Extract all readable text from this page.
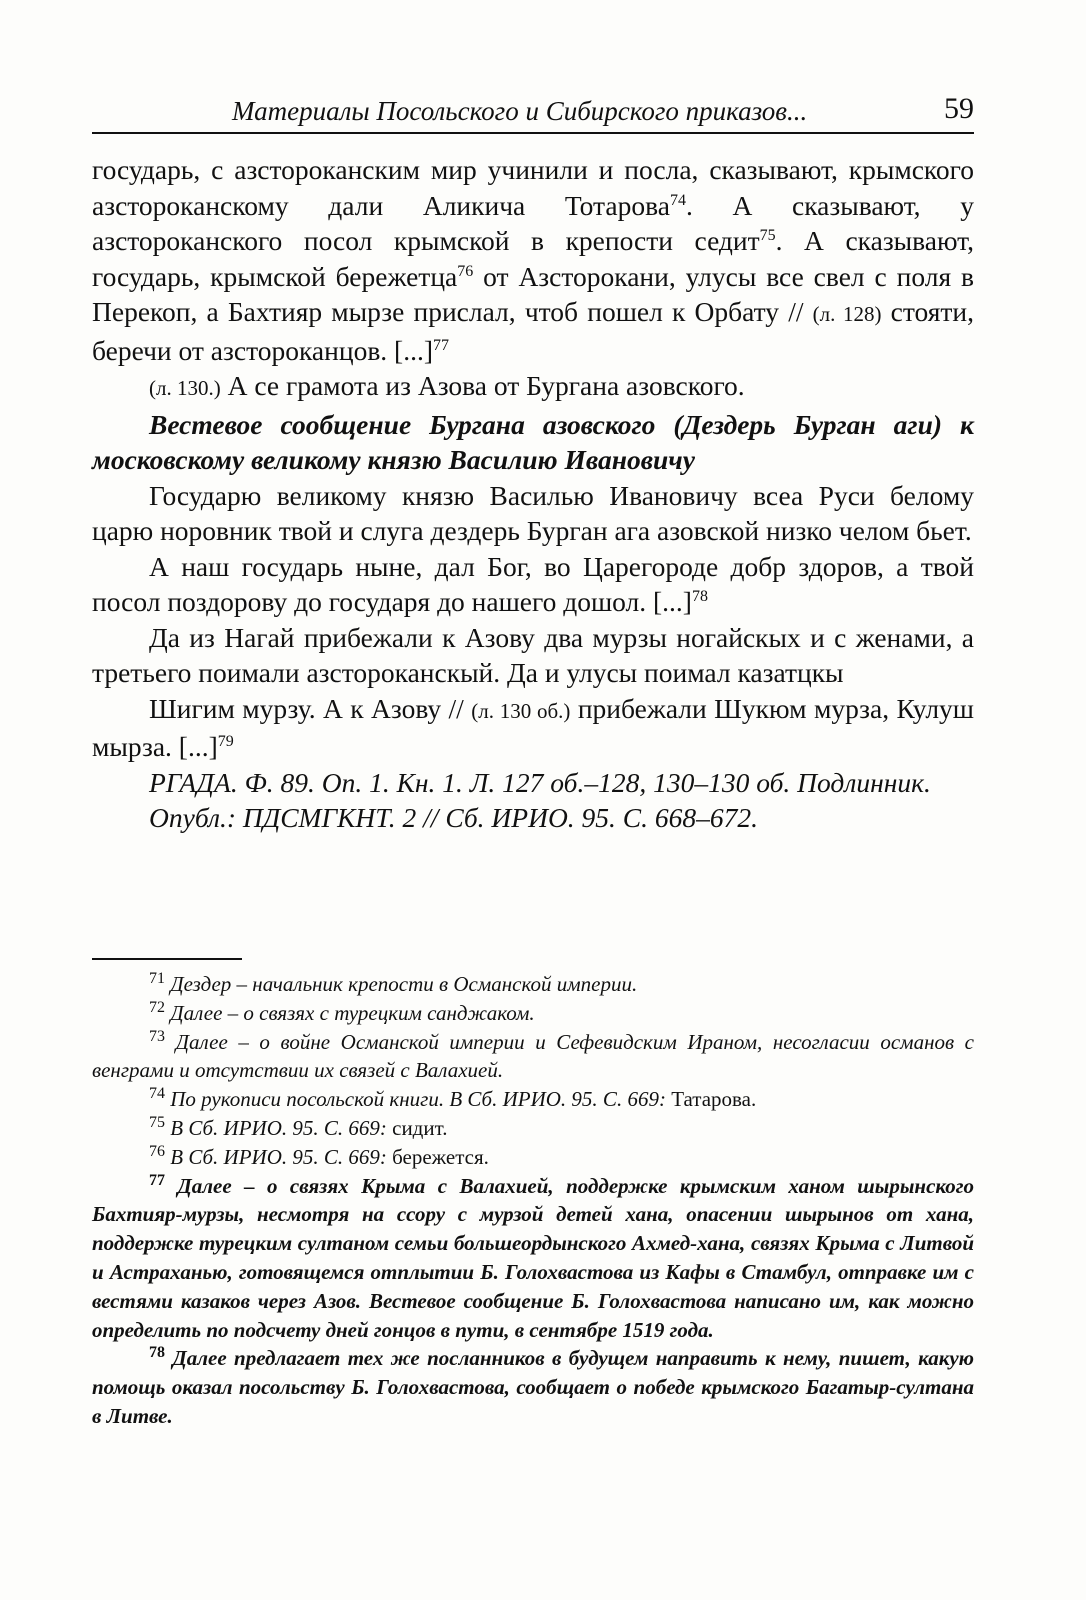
Материалы Посольского и Сибирского приказов...	59

государь, с азстороканским мир учинили и посла, сказывают, крымского азстороканскому дали Аликича Тотарова$^{74}$. А сказывают, у азстороканского посол крымской в крепости седит$^{75}$. А сказывают, государь, крымской бережетца$^{76}$ от Азсторокани, улусы все свел с поля в Перекоп, а Бахтияр мырзе прислал, чтоб пошел к Орбату // (л. 128) стояти, беречи от азстороканцов. [...]$^{77}$

(л. 130.) А се грамота из Азова от Бургана азовского.

Вестевое сообщение Бургана азовского (Дездерь Бурган аги) к московскому великому князю Василию Ивановичу

Государю великому князю Василью Ивановичу всеа Руси белому царю норовник твой и слуга дездерь Бурган ага азовской низко челом бьет.

А наш государь ныне, дал Бог, во Царегороде добр здоров, а твой посол поздорову до государя до нашего дошол. [...]$^{78}$

Да из Нагай прибежали к Азову два мурзы ногайскых и с женами, а третьего поимали азстороканскый. Да и улусы поимал казатцкы

Шигим мурзу. А к Азову // (л. 130 об.) прибежали Шукюм мурза, Кулуш мырза. [...]$^{79}$

РГАДА. Ф. 89. Оп. 1. Кн. 1. Л. 127 об.–128, 130–130 об. Подлинник.

Опубл.: ПДСМГКНТ. 2 // Сб. ИРИО. 95. С. 668–672.

$^{71}$ Дездер – начальник крепости в Османской империи.

$^{72}$ Далее – о связях с турецким санджаком.

$^{73}$ Далее – о войне Османской империи и Сефевидским Ираном, несогласии османов с венграми и отсутствии их связей с Валахией.

$^{74}$ По рукописи посольской книги. В Сб. ИРИО. 95. С. 669: Татарова.

$^{75}$ В Сб. ИРИО. 95. С. 669: сидит.

$^{76}$ В Сб. ИРИО. 95. С. 669: бережется.

$^{77}$ Далее – о связях Крыма с Валахией, поддержке крымским ханом шырынского Бахтияр-мурзы, несмотря на ссору с мурзой детей хана, опасении шырынов от хана, поддержке турецким султаном семьи большеордынского Ахмед-хана, связях Крыма с Литвой и Астраханью, готовящемся отплытии Б. Голохвастова из Кафы в Стамбул, отправке им с вестями казаков через Азов. Вестевое сообщение Б. Голохвастова написано им, как можно определить по подсчету дней гонцов в пути, в сентябре 1519 года.

$^{78}$ Далее предлагает тех же посланников в будущем направить к нему, пишет, какую помощь оказал посольству Б. Голохвастова, сообщает о победе крымского Багатыр-султана в Литве.
